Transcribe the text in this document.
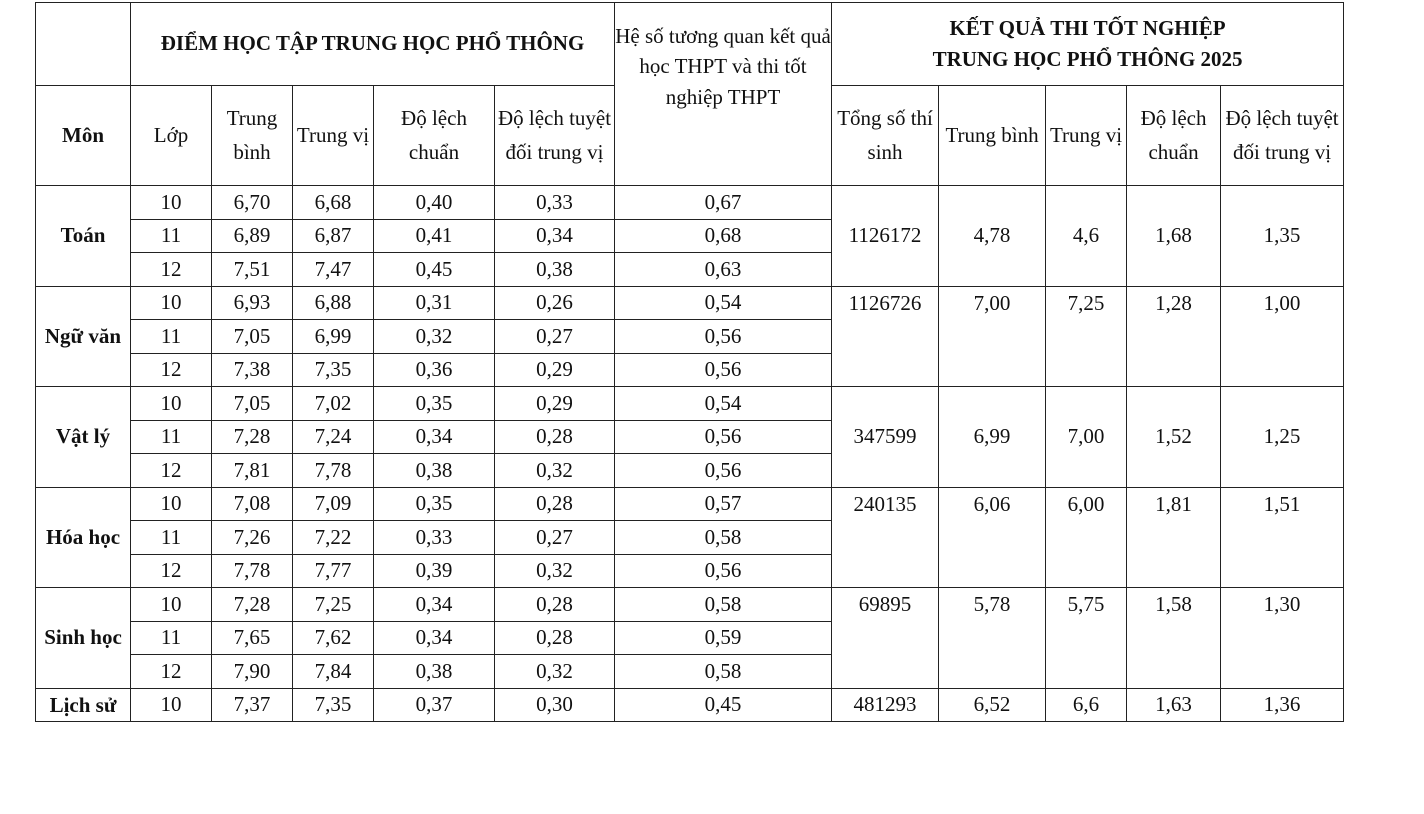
	ĐIỂM HỌC TẬP TRUNG HỌC PHỔ THÔNG					Hệ số tương quan kết quả học THPT và thi tốt nghiệp THPT	KẾT QUẢ THI TỐT NGHIỆP
TRUNG HỌC PHỔ THÔNG 2025				

Môn	Lớp	Trung bình	Trung vị	Độ lệch chuẩn	Độ lệch tuyệt đối trung vị		Tổng số thí sinh	Trung bình	Trung vị	Độ lệch chuẩn	Độ lệch tuyệt đối trung vị
Toán	10	6,70	6,68	0,40	0,33	0,67	1126172	4,78	4,6	1,68	1,35
	11	6,89	6,87	0,41	0,34	0,68					
	12	7,51	7,47	0,45	0,38	0,63					
Ngữ văn	10	6,93	6,88	0,31	0,26	0,54	1126726	7,00	7,25	1,28	1,00
	11	7,05	6,99	0,32	0,27	0,56					
	12	7,38	7,35	0,36	0,29	0,56					
Vật lý	10	7,05	7,02	0,35	0,29	0,54	347599	6,99	7,00	1,52	1,25
	11	7,28	7,24	0,34	0,28	0,56					
	12	7,81	7,78	0,38	0,32	0,56					
Hóa học	10	7,08	7,09	0,35	0,28	0,57	240135	6,06	6,00	1,81	1,51
	11	7,26	7,22	0,33	0,27	0,58					
	12	7,78	7,77	0,39	0,32	0,56					
Sinh học	10	7,28	7,25	0,34	0,28	0,58	69895	5,78	5,75	1,58	1,30
	11	7,65	7,62	0,34	0,28	0,59					
	12	7,90	7,84	0,38	0,32	0,58					
Lịch sử	10	7,37	7,35	0,37	0,30	0,45	481293	6,52	6,6	1,63	1,36
